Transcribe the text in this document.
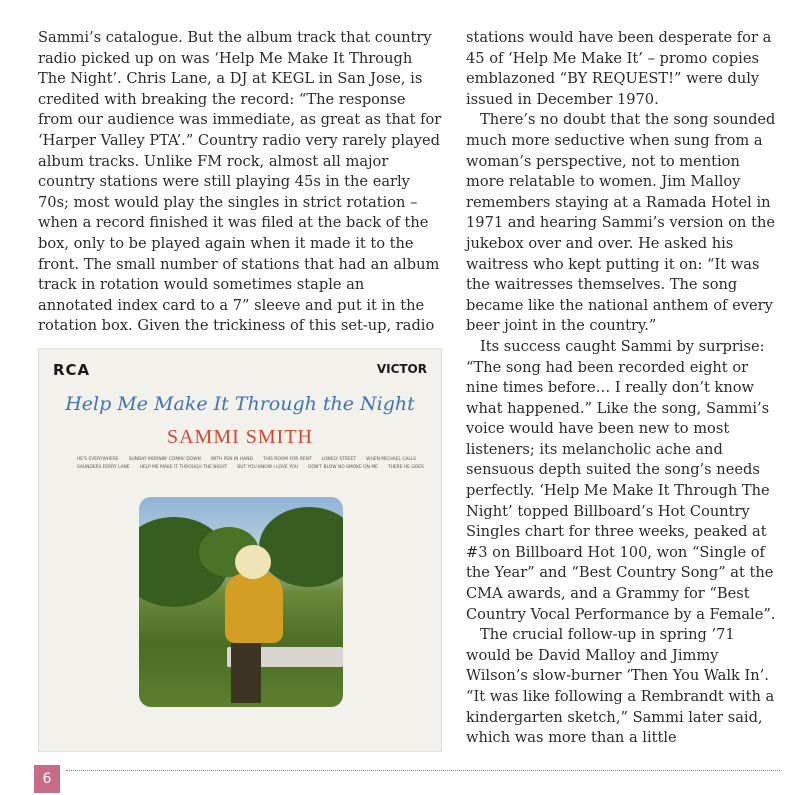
Sammi’s catalogue. But the album track that country radio picked up on was ‘Help Me Make It Through The Night’. Chris Lane, a DJ at KEGL in San Jose, is credited with breaking the record: “The response from our audience was immediate, as great as that for ‘Harper Valley PTA’.” Country radio very rarely played album tracks. Unlike FM rock, almost all major country stations were still playing 45s in the early 70s; most would play the singles in strict rotation – when a record finished it was filed at the back of the box, only to be played again when it made it to the front. The small number of stations that had an album track in rotation would sometimes staple an annotated index card to a 7” sleeve and put it in the rotation box. Given the trickiness of this set-up, radio

RCA	VICTOR
Help Me Make It Through the Night
SAMMI SMITH
HE'S EVERYWHERE SUNDAY MORNIN' COMIN' DOWN WITH PEN IN HAND THIS ROOM FOR RENT LONELY STREET WHEN MICHAEL CALLS
SAUNDERS FERRY LANE HELP ME MAKE IT THROUGH THE NIGHT BUT YOU KNOW I LOVE YOU DON'T BLOW NO SMOKE ON ME THERE HE GOES

stations would have been desperate for a 45 of ‘Help Me Make It’ – promo copies emblazoned “BY REQUEST!” were duly issued in December 1970.

There’s no doubt that the song sounded much more seductive when sung from a woman’s perspective, not to mention more relatable to women. Jim Malloy remembers staying at a Ramada Hotel in 1971 and hearing Sammi’s version on the jukebox over and over. He asked his waitress who kept putting it on: “It was the waitresses themselves. The song became like the national anthem of every beer joint in the country.”

Its success caught Sammi by surprise: “The song had been recorded eight or nine times before… I really don’t know what happened.” Like the song, Sammi’s voice would have been new to most listeners; its melancholic ache and sensuous depth suited the song’s needs perfectly. ‘Help Me Make It Through The Night’ topped Billboard’s Hot Country Singles chart for three weeks, peaked at #3 on Billboard Hot 100, won “Single of the Year” and “Best Country Song” at the CMA awards, and a Grammy for “Best Country Vocal Performance by a Female”.

The crucial follow-up in spring ’71 would be David Malloy and Jimmy Wilson’s slow-burner ‘Then You Walk In’. “It was like following a Rembrandt with a kindergarten sketch,” Sammi later said, which was more than a little

6
